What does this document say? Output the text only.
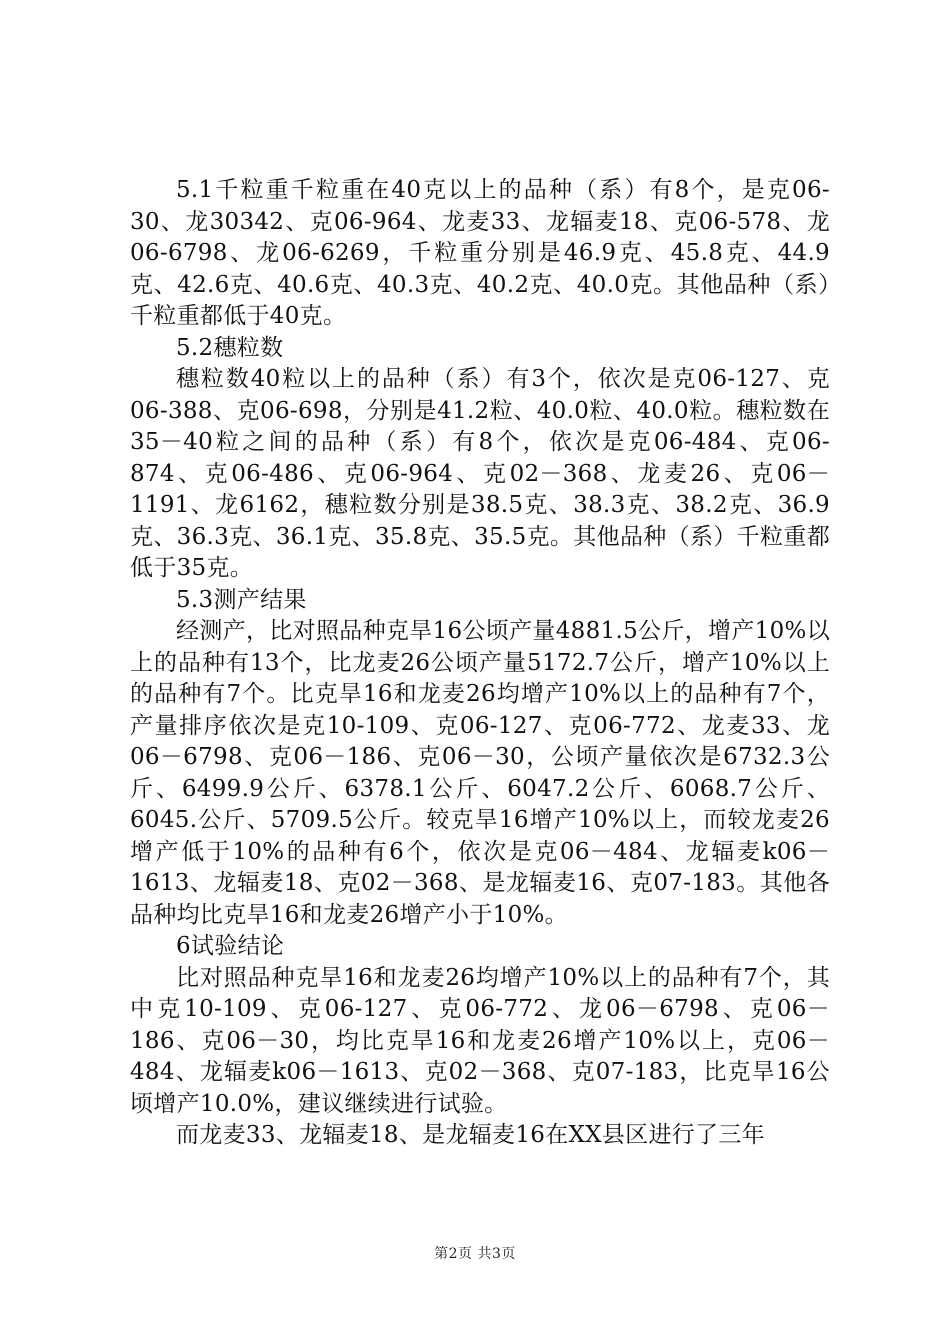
5.1千粒重千粒重在40克以上的品种（系）有8个，是克06-30、龙30342、克06-964、龙麦33、龙辐麦18、克06-578、龙06-6798、龙06-6269，千粒重分别是46.9克、45.8克、44.9克、42.6克、40.6克、40.3克、40.2克、40.0克。其他品种（系）千粒重都低于40克。

5.2穗粒数

穗粒数40粒以上的品种（系）有3个，依次是克06-127、克06-388、克06-698，分别是41.2粒、40.0粒、40.0粒。穗粒数在35－40粒之间的品种（系）有8个，依次是克06-484、克06-874、克06-486、克06-964、克02－368、龙麦26、克06－1191、龙6162，穗粒数分别是38.5克、38.3克、38.2克、36.9克、36.3克、36.1克、35.8克、35.5克。其他品种（系）千粒重都低于35克。

5.3测产结果

经测产，比对照品种克旱16公顷产量4881.5公斤，增产10%以上的品种有13个，比龙麦26公顷产量5172.7公斤，增产10%以上的品种有7个。比克旱16和龙麦26均增产10%以上的品种有7个，产量排序依次是克10-109、克06-127、克06-772、龙麦33、龙06－6798、克06－186、克06－30，公顷产量依次是6732.3公斤、6499.9公斤、6378.1公斤、6047.2公斤、6068.7公斤、6045.公斤、5709.5公斤。较克旱16增产10%以上，而较龙麦26增产低于10%的品种有6个，依次是克06－484、龙辐麦k06－1613、龙辐麦18、克02－368、是龙辐麦16、克07-183。其他各品种均比克旱16和龙麦26增产小于10%。

6试验结论

比对照品种克旱16和龙麦26均增产10%以上的品种有7个，其中克10-109、克06-127、克06-772、龙06－6798、克06－186、克06－30，均比克旱16和龙麦26增产10%以上，克06－484、龙辐麦k06－1613、克02－368、克07-183，比克旱16公顷增产10.0%，建议继续进行试验。

而龙麦33、龙辐麦18、是龙辐麦16在XX县区进行了三年

第2页 共3页
